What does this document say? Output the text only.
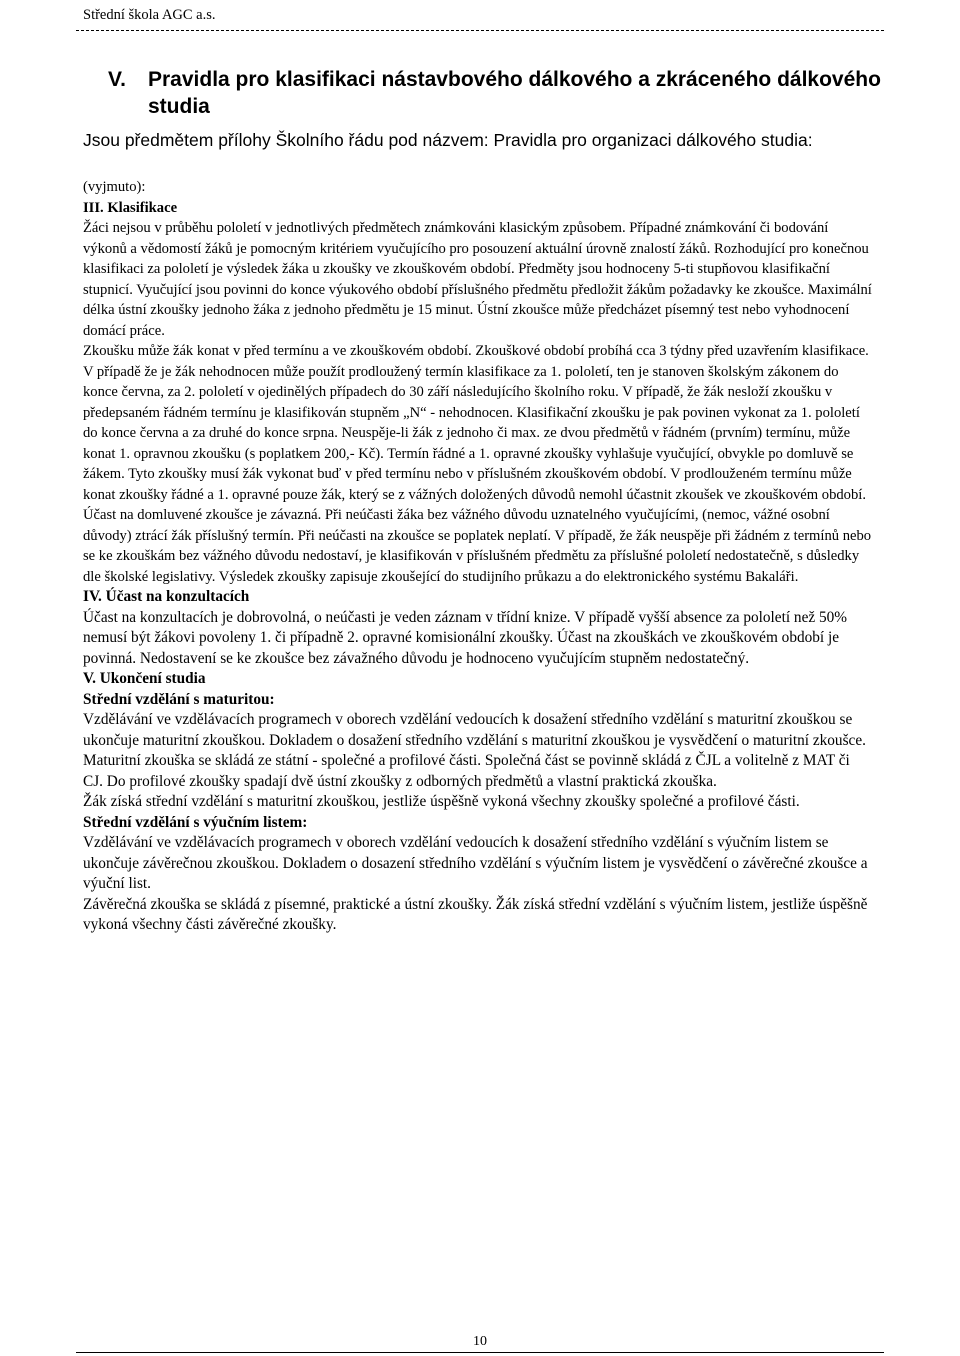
Střední škola AGC a.s.
V.	Pravidla pro klasifikaci nástavbového dálkového a zkráceného dálkového studia
Jsou předmětem přílohy Školního řádu pod názvem: Pravidla pro organizaci dálkového studia:

(vyjmuto):

III. Klasifikace

Žáci nejsou v průběhu pololetí v jednotlivých předmětech známkováni klasickým způsobem. Případné známkování či bodování výkonů a vědomostí žáků je pomocným kritériem vyučujícího pro posouzení aktuální úrovně znalostí žáků. Rozhodující pro konečnou klasifikaci za pololetí je výsledek žáka u zkoušky ve zkouškovém období. Předměty jsou hodnoceny 5-ti stupňovou klasifikační stupnicí. Vyučující jsou povinni do konce výukového období příslušného předmětu předložit žákům požadavky ke zkoušce. Maximální délka ústní zkoušky jednoho žáka z jednoho předmětu je 15 minut. Ústní zkoušce může předcházet písemný test nebo vyhodnocení domácí práce.

Zkoušku může žák konat v před termínu a ve zkouškovém období. Zkouškové období probíhá cca 3 týdny před uzavřením klasifikace. V případě že je žák nehodnocen může použít prodloužený termín klasifikace za 1. pololetí, ten je stanoven školským zákonem do konce června, za 2. pololetí v ojedinělých případech do 30 září následujícího školního roku. V případě, že žák nesloží zkoušku v předepsaném řádném termínu je klasifikován stupněm „N“ - nehodnocen. Klasifikační zkoušku je pak povinen vykonat za 1. pololetí do konce června a za druhé do konce srpna. Neuspěje-li žák z jednoho či max. ze dvou předmětů v řádném (prvním) termínu, může konat 1. opravnou zkoušku (s poplatkem 200,- Kč). Termín řádné a 1. opravné zkoušky vyhlašuje vyučující, obvykle po domluvě se žákem. Tyto zkoušky musí žák vykonat buď v před termínu nebo v příslušném zkouškovém období. V prodlouženém termínu může konat zkoušky řádné a 1. opravné pouze žák, který se z vážných doložených důvodů nemohl účastnit zkoušek ve zkouškovém období.

Účast na domluvené zkoušce je závazná. Při neúčasti žáka bez vážného důvodu uznatelného vyučujícími, (nemoc, vážné osobní důvody) ztrácí žák příslušný termín. Při neúčasti na zkoušce se poplatek neplatí. V případě, že žák neuspěje při žádném z termínů nebo se ke zkouškám bez vážného důvodu nedostaví, je klasifikován v příslušném předmětu za příslušné pololetí nedostatečně, s důsledky dle školské legislativy. Výsledek zkoušky zapisuje zkoušející do studijního průkazu a do elektronického systému Bakaláři.

IV. Účast na konzultacích

Účast na konzultacích je dobrovolná, o neúčasti je veden záznam v třídní knize. V případě vyšší absence za pololetí než 50% nemusí být žákovi povoleny 1. či případně 2. opravné komisionální zkoušky. Účast na zkouškách ve zkouškovém období je povinná. Nedostavení se ke zkoušce bez závažného důvodu je hodnoceno vyučujícím stupněm nedostatečný.

V. Ukončení studia

Střední vzdělání s maturitou:

Vzdělávání ve vzdělávacích programech v oborech vzdělání vedoucích k dosažení středního vzdělání s maturitní zkouškou se ukončuje maturitní zkouškou. Dokladem o dosažení středního vzdělání s maturitní zkouškou je vysvědčení o maturitní zkoušce.

Maturitní zkouška se skládá ze státní - společné a profilové části. Společná část se povinně skládá z ČJL a volitelně z MAT či CJ. Do profilové zkoušky spadají dvě ústní zkoušky z odborných předmětů a vlastní praktická zkouška.

Žák získá střední vzdělání s maturitní zkouškou, jestliže úspěšně vykoná všechny zkoušky společné a profilové části.

Střední vzdělání s výučním listem:

Vzdělávání ve vzdělávacích programech v oborech vzdělání vedoucích k dosažení středního vzdělání s výučním listem se ukončuje závěrečnou zkouškou. Dokladem o dosazení středního vzdělání s výučním listem je vysvědčení o závěrečné zkoušce a výuční list.

Závěrečná zkouška se skládá z písemné, praktické a ústní zkoušky. Žák získá střední vzdělání s výučním listem, jestliže úspěšně vykoná všechny části závěrečné zkoušky.

10
